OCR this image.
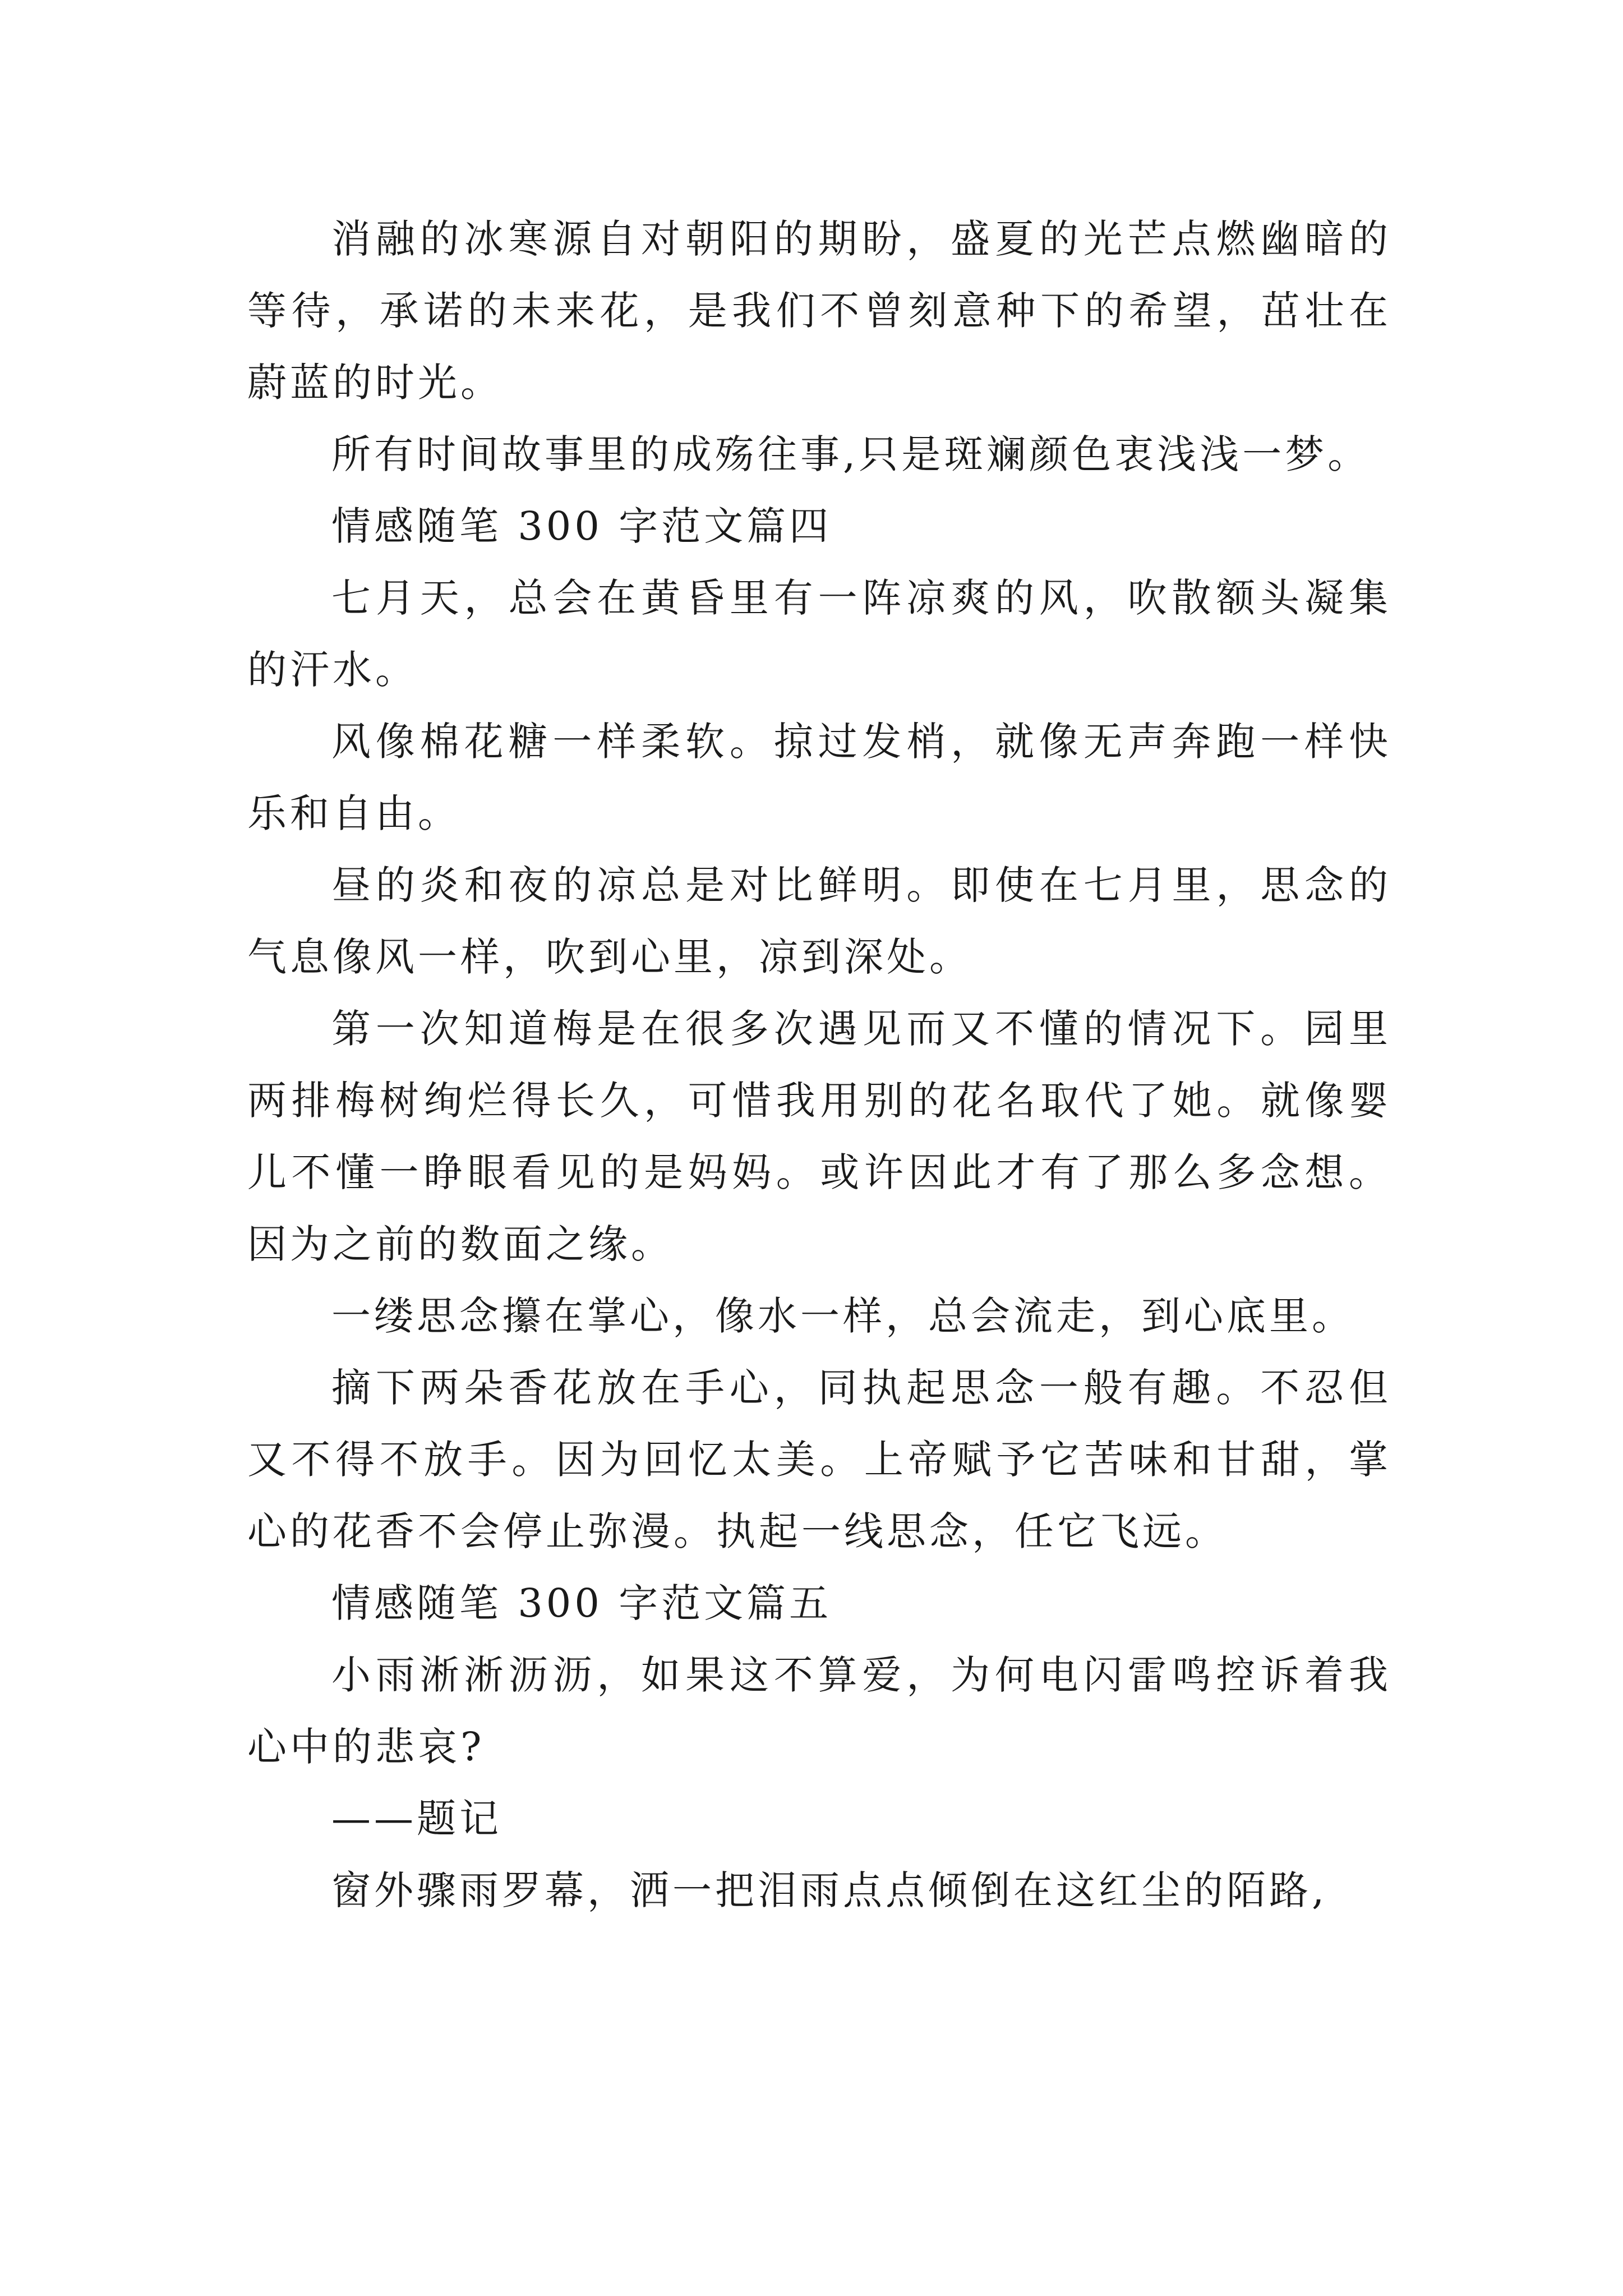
消融的冰寒源自对朝阳的期盼，盛夏的光芒点燃幽暗的等待，承诺的未来花，是我们不曾刻意种下的希望，茁壮在蔚蓝的时光。

所有时间故事里的成殇往事,只是斑斓颜色衷浅浅一梦。

情感随笔 300 字范文篇四

七月天，总会在黄昏里有一阵凉爽的风，吹散额头凝集的汗水。

风像棉花糖一样柔软。掠过发梢，就像无声奔跑一样快乐和自由。

昼的炎和夜的凉总是对比鲜明。即使在七月里，思念的气息像风一样，吹到心里，凉到深处。

第一次知道梅是在很多次遇见而又不懂的情况下。园里两排梅树绚烂得长久，可惜我用别的花名取代了她。就像婴儿不懂一睁眼看见的是妈妈。或许因此才有了那么多念想。因为之前的数面之缘。

一缕思念攥在掌心，像水一样，总会流走，到心底里。

摘下两朵香花放在手心，同执起思念一般有趣。不忍但又不得不放手。因为回忆太美。上帝赋予它苦味和甘甜，掌心的花香不会停止弥漫。执起一线思念，任它飞远。

情感随笔 300 字范文篇五

小雨淅淅沥沥，如果这不算爱，为何电闪雷鸣控诉着我心中的悲哀?

——题记

窗外骤雨罗幕，洒一把泪雨点点倾倒在这红尘的陌路,
